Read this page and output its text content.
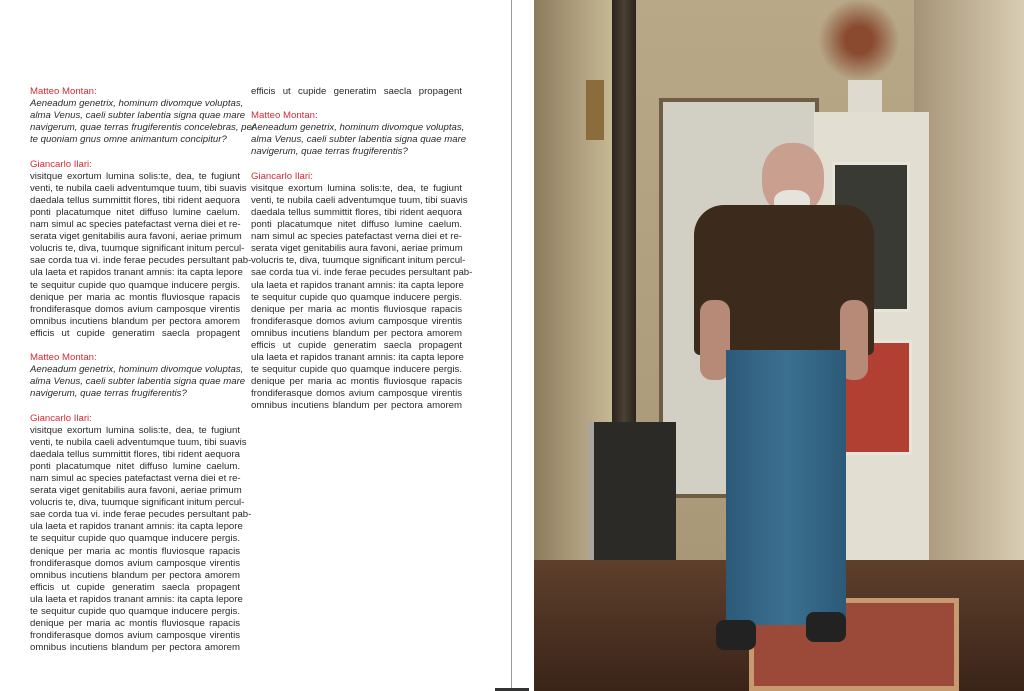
Matteo Montan:
Aeneadum genetrix, hominum divomque voluptas,
alma Venus, caeli subter labentia signa quae mare
navigerum, quae terras frugiferentis concelebras, per
te quoniam gnus omne animantum concipitur?
Giancarlo Ilari:
visitque exortum lumina solis:te, dea, te fugiunt
venti, te nubila caeli adventumque tuum, tibi suavis
daedala tellus summittit flores, tibi rident aequora
ponti placatumque nitet diffuso lumine caelum.
nam simul ac species patefactast verna diei et re-
serata viget genitabilis aura favoni, aeriae primum
volucris te, diva, tuumque significant initum percul-
sae corda tua vi. inde ferae pecudes persultant pab-
ula laeta et rapidos tranant amnis: ita capta lepore
te sequitur cupide quo quamque inducere pergis.
denique per maria ac montis fluviosque rapacis
frondiferasque domos avium camposque virentis
omnibus incutiens blandum per pectora amorem
efficis ut cupide generatim saecla propagent
Matteo Montan:
Aeneadum genetrix, hominum divomque voluptas,
alma Venus, caeli subter labentia signa quae mare
navigerum, quae terras frugiferentis?
Giancarlo Ilari:
visitque exortum lumina solis:te, dea, te fugiunt
venti, te nubila caeli adventumque tuum, tibi suavis
daedala tellus summittit flores, tibi rident aequora
ponti placatumque nitet diffuso lumine caelum.
nam simul ac species patefactast verna diei et re-
serata viget genitabilis aura favoni, aeriae primum
volucris te, diva, tuumque significant initum percul-
sae corda tua vi. inde ferae pecudes persultant pab-
ula laeta et rapidos tranant amnis: ita capta lepore
te sequitur cupide quo quamque inducere pergis.
denique per maria ac montis fluviosque rapacis
frondiferasque domos avium camposque virentis
omnibus incutiens blandum per pectora amorem
efficis ut cupide generatim saecla propagent
ula laeta et rapidos tranant amnis: ita capta lepore
te sequitur cupide quo quamque inducere pergis.
denique per maria ac montis fluviosque rapacis
frondiferasque domos avium camposque virentis
omnibus incutiens blandum per pectora amorem
efficis ut cupide generatim saecla propagent
Matteo Montan:
Aeneadum genetrix, hominum divomque voluptas,
alma Venus, caeli subter labentia signa quae mare
navigerum, quae terras frugiferentis?
Giancarlo Ilari:
visitque exortum lumina solis:te, dea, te fugiunt
venti, te nubila caeli adventumque tuum, tibi suavis
daedala tellus summittit flores, tibi rident aequora
ponti placatumque nitet diffuso lumine caelum.
nam simul ac species patefactast verna diei et re-
serata viget genitabilis aura favoni, aeriae primum
volucris te, diva, tuumque significant initum percul-
sae corda tua vi. inde ferae pecudes persultant pab-
ula laeta et rapidos tranant amnis: ita capta lepore
te sequitur cupide quo quamque inducere pergis.
denique per maria ac montis fluviosque rapacis
frondiferasque domos avium camposque virentis
omnibus incutiens blandum per pectora amorem
efficis ut cupide generatim saecla propagent
ula laeta et rapidos tranant amnis: ita capta lepore
te sequitur cupide quo quamque inducere pergis.
denique per maria ac montis fluviosque rapacis
frondiferasque domos avium camposque virentis
omnibus incutiens blandum per pectora amorem
